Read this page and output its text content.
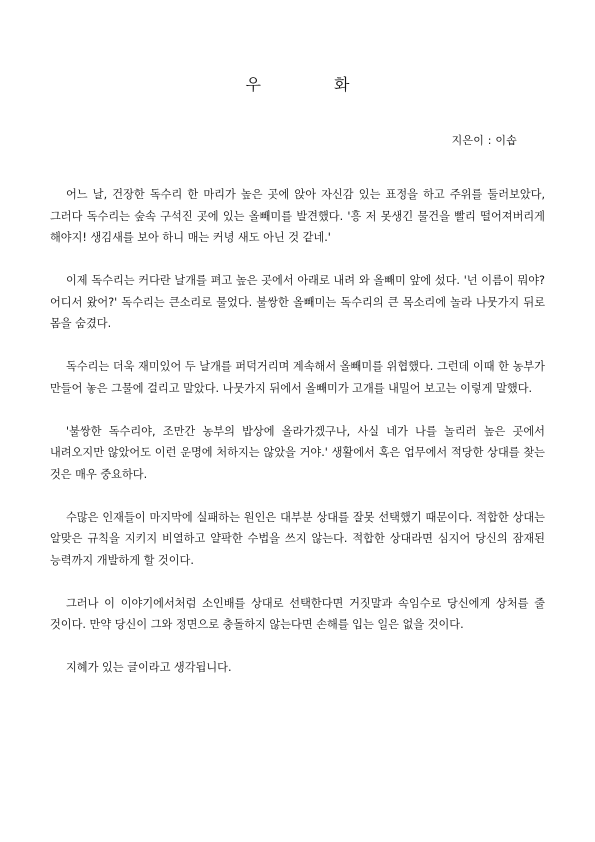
우 화
지은이 : 이솝

어느 날, 건장한 독수리 한 마리가 높은 곳에 앉아 자신감 있는 표정을 하고 주위를 둘러보았다, 그러다 독수리는 숲속 구석진 곳에 있는 올빼미를 발견했다. '흥 저 못생긴 물건을 빨리 떨어져버리게 해야지! 생김새를 보아 하니 매는 커녕 새도 아닌 것 같네.'

이제 독수리는 커다란 날개를 펴고 높은 곳에서 아래로 내려 와 올빼미 앞에 섰다. '넌 이름이 뭐야? 어디서 왔어?' 독수리는 큰소리로 물었다. 불쌍한 올빼미는 독수리의 큰 목소리에 놀라 나뭇가지 뒤로 몸을 숨겼다.

독수리는 더욱 재미있어 두 날개를 퍼덕거리며 계속해서 올빼미를 위협했다. 그런데 이때 한 농부가 만들어 놓은 그물에 걸리고 말았다. 나뭇가지 뒤에서 올빼미가 고개를 내밀어 보고는 이렇게 말했다.

'불쌍한 독수리야, 조만간 농부의 밥상에 올라가겠구나, 사실 네가 나를 놀리러 높은 곳에서 내려오지만 않았어도 이런 운명에 처하지는 않았을 거야.' 생활에서 혹은 업무에서 적당한 상대를 찾는 것은 매우 중요하다.

수많은 인재들이 마지막에 실패하는 원인은 대부분 상대를 잘못 선택했기 때문이다. 적합한 상대는 알맞은 규칙을 지키지 비열하고 얄팍한 수법을 쓰지 않는다. 적합한 상대라면 심지어 당신의 잠재된 능력까지 개발하게 할 것이다.

그러나 이 이야기에서처럼 소인배를 상대로 선택한다면 거짓말과 속임수로 당신에게 상처를 줄 것이다. 만약 당신이 그와 정면으로 충돌하지 않는다면 손해를 입는 일은 없을 것이다.

지혜가 있는 글이라고 생각됩니다.
